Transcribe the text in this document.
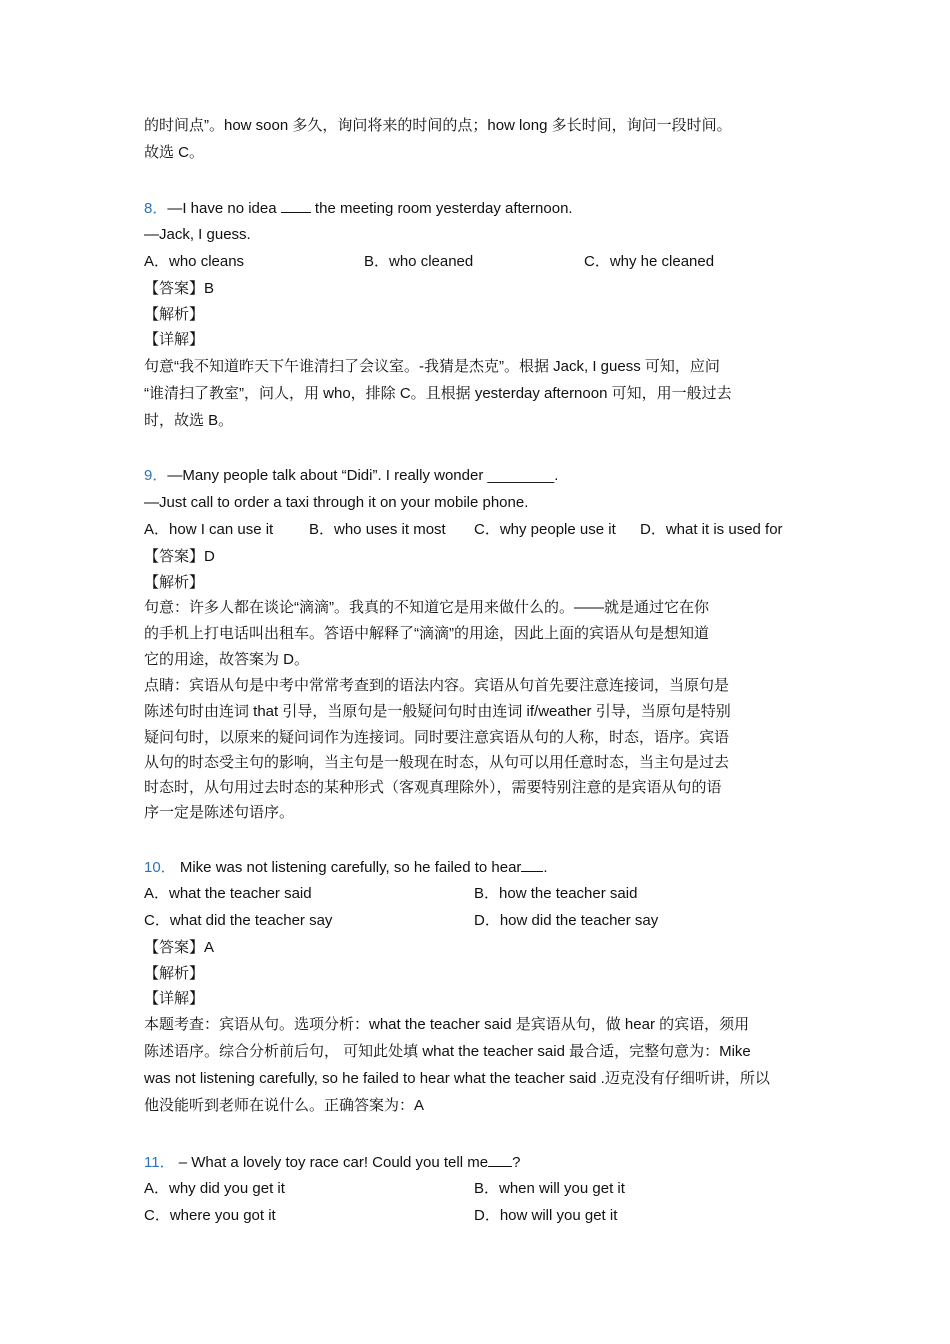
的时间点”。how soon 多久，询问将来的时间的点；how long 多长时间，询问一段时间。
故选 C。
8．—I have no idea  the meeting room yesterday afternoon.
—Jack, I guess.
A．who cleans	B．who cleaned	C．why he cleaned
【答案】B
【解析】
【详解】
句意“我不知道昨天下午谁清扫了会议室。-我猜是杰克”。根据 Jack, I guess 可知，应问
“谁清扫了教室”，问人，用 who，排除 C。且根据 yesterday afternoon 可知，用一般过去
时，故选 B。
9．—Many people talk about “Didi”. I really wonder ________.
—Just call to order a taxi through it on your mobile phone.
A．how I can use it B．who uses it most C．why people use it D．what it is used for
【答案】D
【解析】
句意：许多人都在谈论“滴滴”。我真的不知道它是用来做什么的。——就是通过它在你
的手机上打电话叫出租车。答语中解释了“滴滴”的用途，因此上面的宾语从句是想知道
它的用途，故答案为 D。
点睛：宾语从句是中考中常常考查到的语法内容。宾语从句首先要注意连接词，当原句是
陈述句时由连词 that 引导，当原句是一般疑问句时由连词 if/weather 引导，当原句是特别
疑问句时，以原来的疑问词作为连接词。同时要注意宾语从句的人称，时态，语序。宾语
从句的时态受主句的影响，当主句是一般现在时态，从句可以用任意时态，当主句是过去
时态时，从句用过去时态的某种形式（客观真理除外），需要特别注意的是宾语从句的语
序一定是陈述句语序。
10． Mike was not listening carefully, so he failed to hear .
A．what the teacher said	B．how the teacher said
C．what did the teacher say	D．how did the teacher say
【答案】A
【解析】
【详解】
本题考查：宾语从句。选项分析：what the teacher said 是宾语从句，做 hear 的宾语，须用
陈述语序。综合分析前后句， 可知此处填 what the teacher said 最合适，完整句意为：Mike
was not listening carefully, so he failed to hear what the teacher said .迈克没有仔细听讲，所以
他没能听到老师在说什么。正确答案为：A
11． – What a lovely toy race car! Could you tell me ?
A．why did you get it	B．when will you get it
C．where you got it	D．how will you get it
